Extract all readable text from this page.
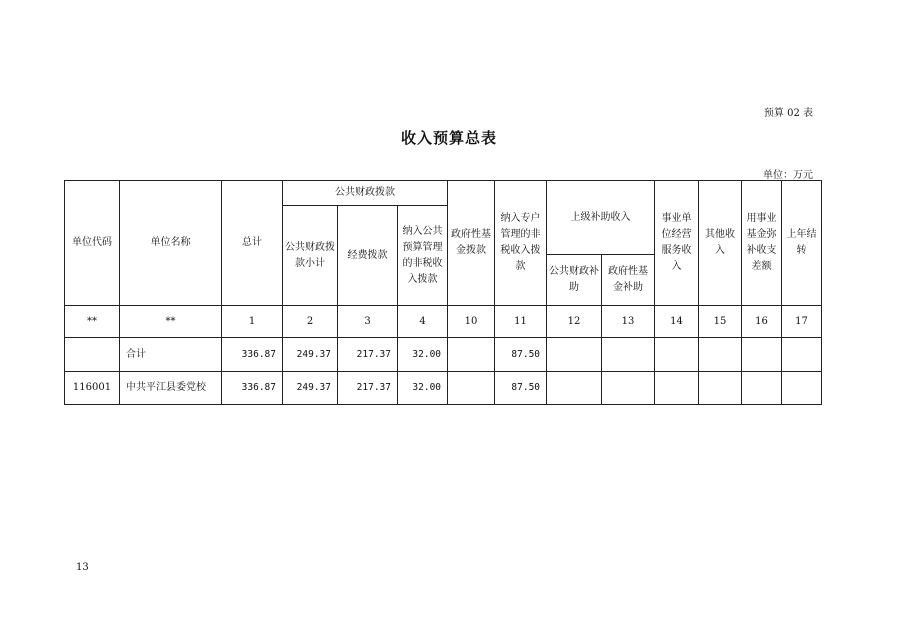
预算 02 表
收入预算总表
单位：万元
单位代码	单位名称	总计	公共财政拨款			政府性基金拨款	纳入专户管理的非税收入拨款	上级补助收入		事业单位经营服务收入	其他收入	用事业基金弥补收支差额	上年结转
			公共财政拨款小计	经费拨款	纳入公共预算管理的非税收入拨款								
								公共财政补助	政府性基金补助				
**	**	1	2	3	4	10	11	12	13	14	15	16	17
	合计	336.87	249.37	217.37	32.00		87.50						
116001	中共平江县委党校	336.87	249.37	217.37	32.00		87.50						
13
